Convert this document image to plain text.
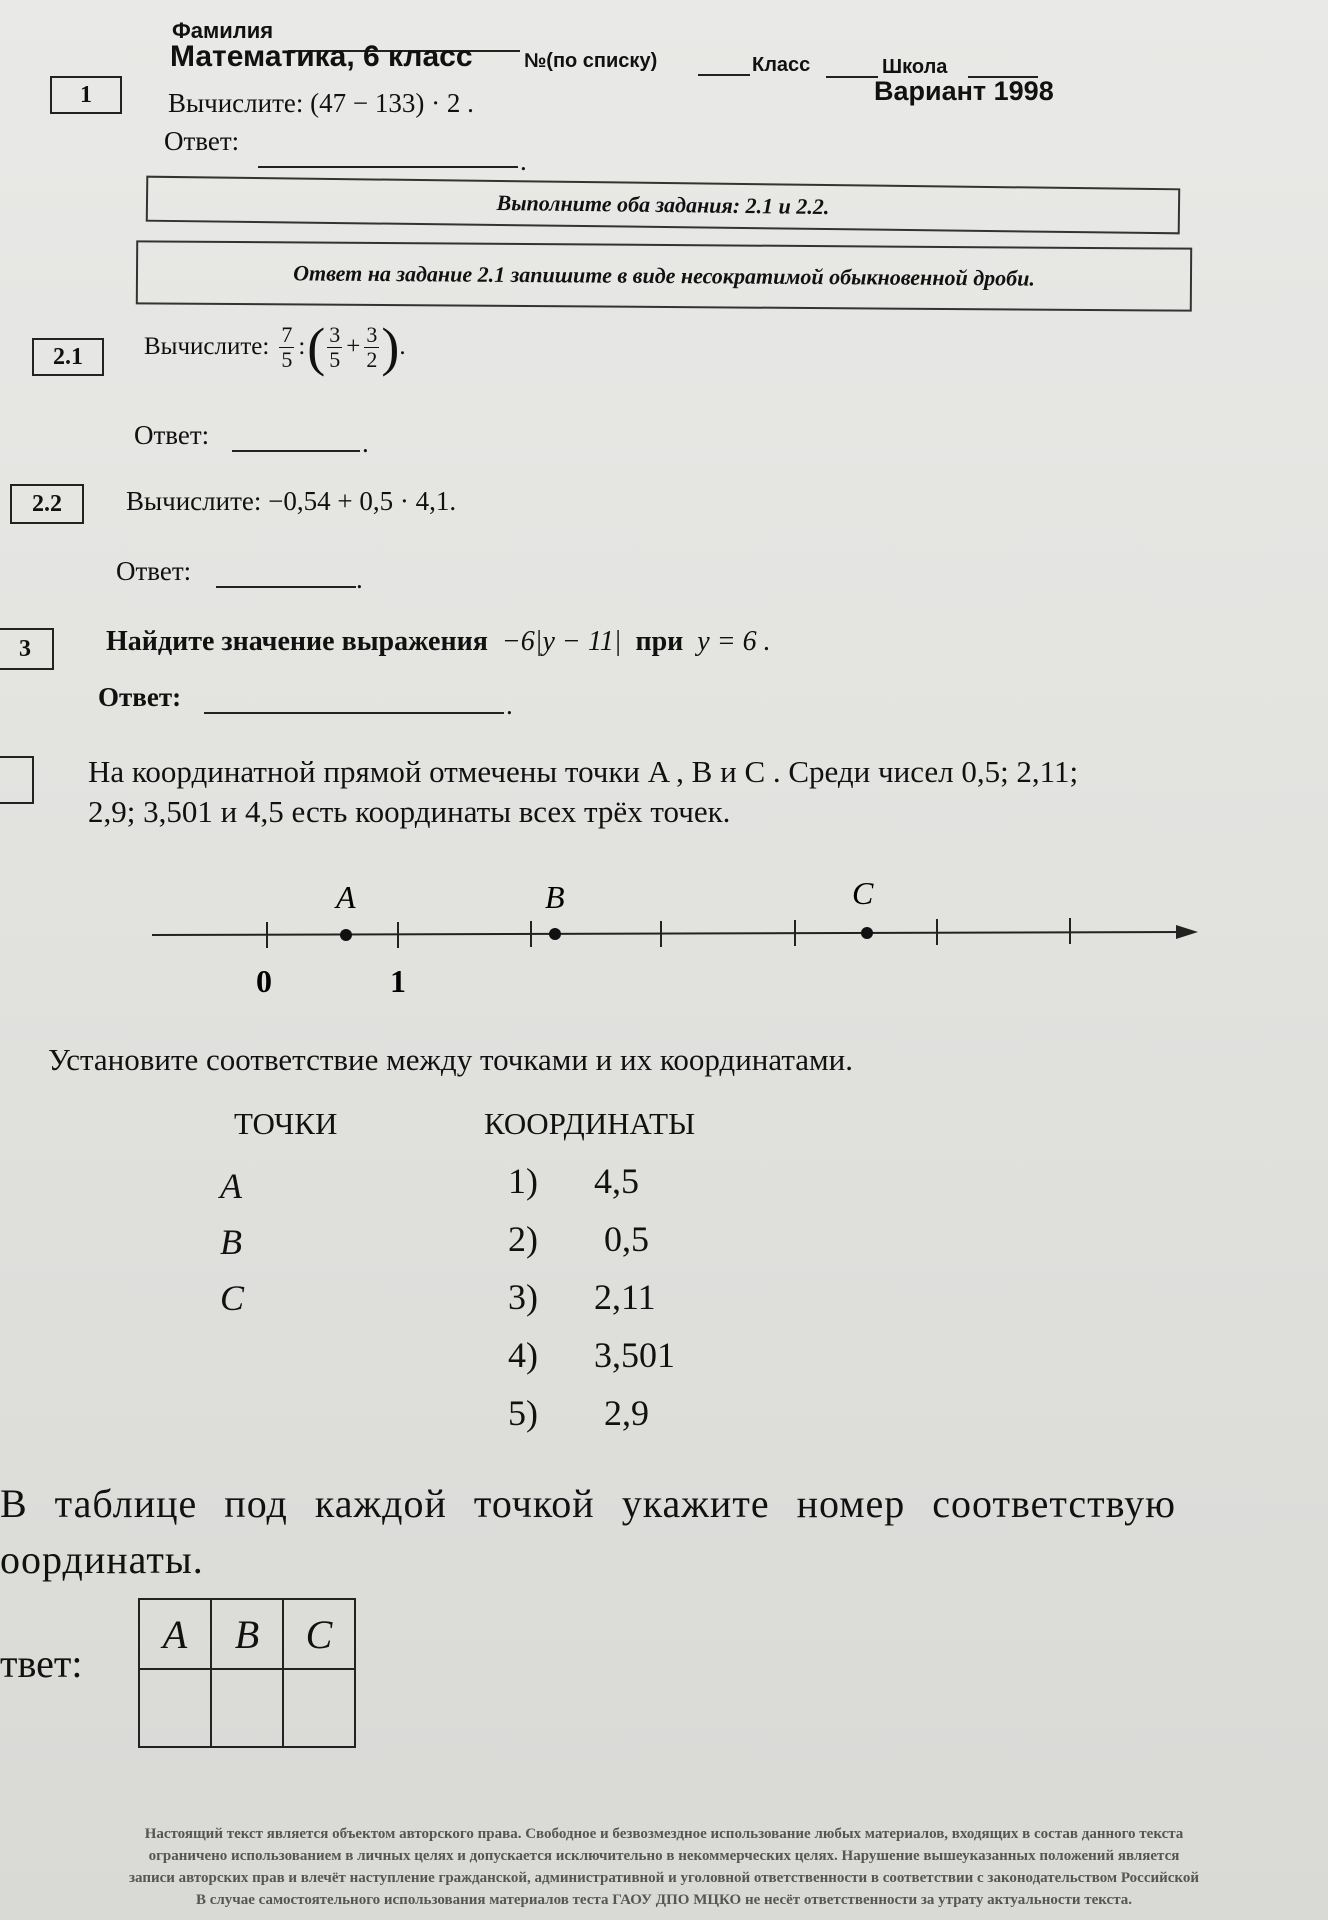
Фамилия
№(по списку)	Класс	Школа
Математика, 6 класс
Вариант 1998
1	Вычислите: (47 − 133) · 2 .
Ответ:
.
Выполните оба задания: 2.1 и 2.2.
Ответ на задание 2.1 запишите в виде несократимой обыкновенной дроби.
2.1 Вычислите: $\frac{7}{5}$ : ( $\frac{3}{5} + \frac{3}{2}$ ) .
Ответ:	.
2.2 Вычислите: −0,54 + 0,5 · 4,1.
Ответ:	.
3	Найдите значение выражения −6|y − 11| при y = 6 .
Ответ:	.
На координатной прямой отмечены точки A , B и C . Среди чисел 0,5; 2,11;
2,9; 3,501 и 4,5 есть координаты всех трёх точек.
A	B	C
0	1
Установите соответствие между точками и их координатами.
ТОЧКИ	КООРДИНАТЫ
A
B
C
1) 4,5
2) 0,5
3) 2,11
4) 3,501
5) 2,9
В таблице под каждой точкой укажите номер соответствую
оординаты.
твет:
A	B	C

Настоящий текст является объектом авторского права. Свободное и безвозмездное использование любых материалов, входящих в состав данного текста
ограничено использованием в личных целях и допускается исключительно в некоммерческих целях. Нарушение вышеуказанных положений является
записи авторских прав и влечёт наступление гражданской, административной и уголовной ответственности в соответствии с законодательством Российской
В случае самостоятельного использования материалов теста ГАОУ ДПО МЦКО не несёт ответственности за утрату актуальности текста.
